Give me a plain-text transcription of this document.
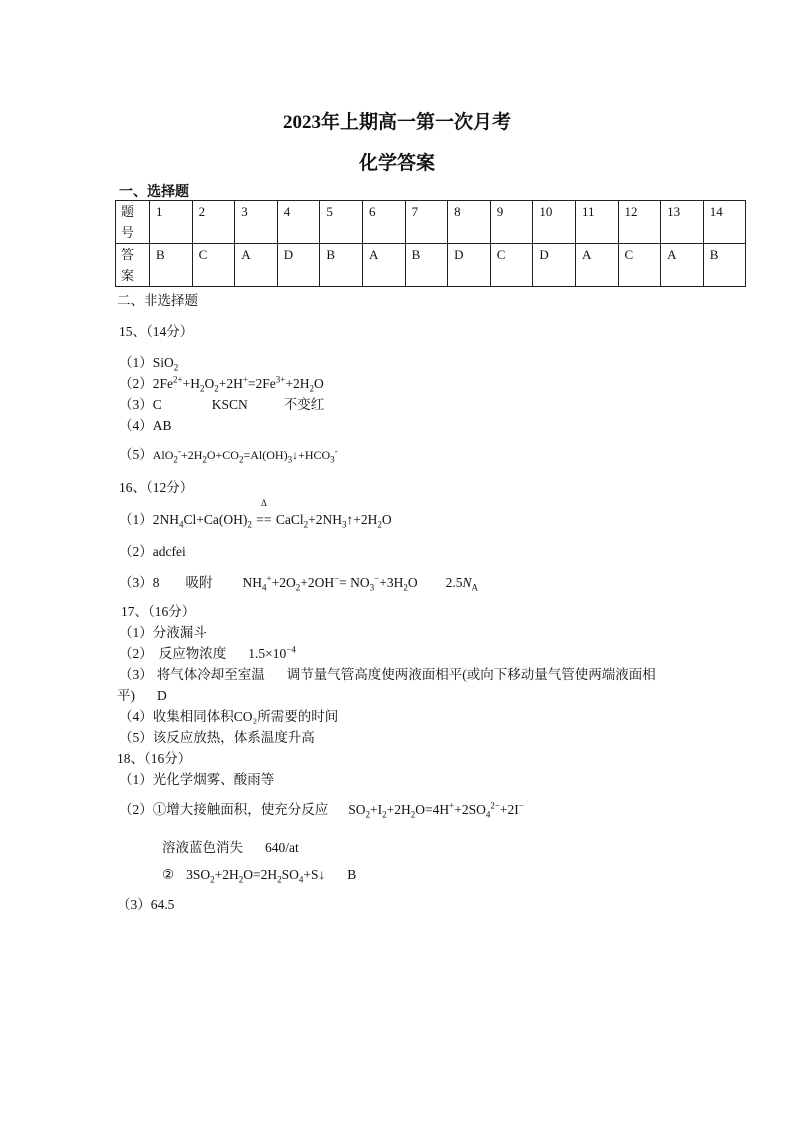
2023年上期高一第一次月考
化学答案
一、选择题
题
号	1	2	3	4	5	6	7	8	9	10	11	12	13	14
答
案	B	C	A	D	B	A	B	D	C	D	A	C	A	B
二、非选择题
15、（14分）
（1）SiO$_2$
$(2)2Fe^{2+}+H_2O_2+2H^+=2Fe^{3+}+2H_2O$
（3）C	KSCN	不变红
（4）AB
$(5)AlO_2^-+2H_2O+CO_2=Al(OH)_3↓+HCO_3^-$
16、（12分）
$(1)2NH_4Cl+Ca(OH)_2$
Δ
== $CaCl_2+2NH_3↑+2H_2O$
（2）adcfei
（3）8 吸附 $NH_4^++2O_2+2OH^-= NO_3^-+3H_2O$ $2.5N_A$
17、（16分）
（1）分液漏斗
（2） 反应物浓度 $1.5\times 10^{-4}$
（3） 将气体冷却至室温 调节量气管高度使两液面相平(或向下移动量气管使两端液面相
平) D
（4）收集相同体积CO₂所需要的时间
（5）该反应放热，体系温度升高
18、（16分）
（1）光化学烟雾、酸雨等
（2）①增大接触面积，使充分反应 $SO_2+I_2+2H_2O=4H^++2SO_4^{2-}+2I^-$
溶液蓝色消失 640/at
② $3SO_2+2H_2O=2H_2SO_4+S↓$ B
（3）64.5
